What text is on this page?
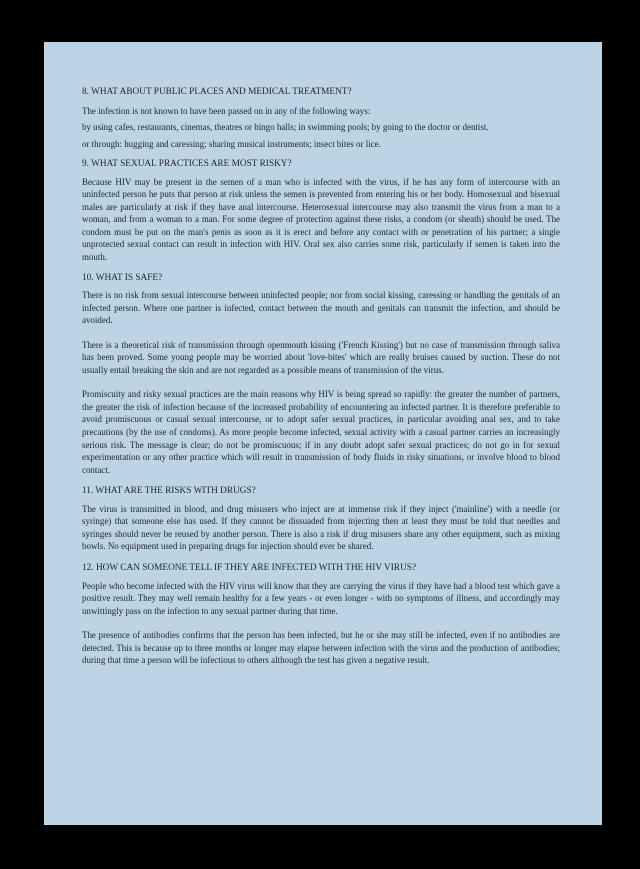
8. WHAT ABOUT PUBLIC PLACES AND MEDICAL TREATMENT?

The infection is not known to have been passed on in any of the following ways:

by using cafes, restaurants, cinemas, theatres or bingo halls; in swimming pools; by going to the doctor or dentist.

or through: hugging and caressing; sharing musical instruments; insect bites or lice.

9. WHAT SEXUAL PRACTICES ARE MOST RISKY?

Because HIV may be present in the semen of a man who is infected with the virus, if he has any form of intercourse with an uninfected person he puts that person at risk unless the semen is prevented from entering his or her body. Homosexual and bisexual males are particularly at risk if they have anal intercourse. Heterosexual intercourse may also transmit the virus from a man to a woman, and from a woman to a man. For some degree of protection against these risks, a condom (or sheath) should be used. The condom must be put on the man's penis as soon as it is erect and before any contact with or penetration of his partner; a single unprotected sexual contact can result in infection with HIV. Oral sex also carries some risk, particularly if semen is taken into the mouth.

10. WHAT IS SAFE?

There is no risk from sexual intercourse between uninfected people; nor from social kissing, caressing or handling the genitals of an infected person. Where one partner is infected, contact between the mouth and genitals can transmit the infection, and should be avoided.

There is a theoretical risk of transmission through openmouth kissing ('French Kissing') but no case of transmission through saliva has been proved. Some young people may be worried about 'love-bites' which are really bruises caused by suction. These do not usually entail breaking the skin and are not regarded as a possible means of transmission of the virus.

Promiscuity and risky sexual practices are the main reasons why HIV is being spread so rapidly: the greater the number of partners, the greater the risk of infection because of the increased probability of encountering an infected partner. It is therefore preferable to avoid promiscuous or casual sexual intercourse, or to adopt safer sexual practices, in particular avoiding anal sex, and to take precautions (by the use of condoms). As more people become infected, sexual activity with a casual partner carries an increasingly serious risk. The message is clear; do not be promiscuous; if in any doubt adopt safer sexual practices; do not go in for sexual experimentation or any other practice which will result in transmission of body fluids in risky situations, or involve blood to blood contact.

11. WHAT ARE THE RISKS WITH DRUGS?

The virus is transmitted in blood, and drug misusers who inject are at immense risk if they inject ('mainline') with a needle (or syringe) that someone else has used. If they cannot be dissuaded from injecting then at least they must be told that needles and syringes should never be reused by another person. There is also a risk if drug misusers share any other equipment, such as mixing bowls. No equipment used in preparing drugs for injection should ever be shared.

12. HOW CAN SOMEONE TELL IF THEY ARE INFECTED WITH THE HIV VIRUS?

People who become infected with the HIV virus will know that they are carrying the virus if they have had a blood test which gave a positive result. They may well remain healthy for a few years - or even longer - with no symptoms of illness, and accordingly may unwittingly pass on the infection to any sexual partner during that time.

The presence of antibodies confirms that the person has been infected, but he or she may still be infected, even if no antibodies are detected. This is because up to three months or longer may elapse between infection with the virus and the production of antibodies; during that time a person will be infectious to others although the test has given a negative result.
